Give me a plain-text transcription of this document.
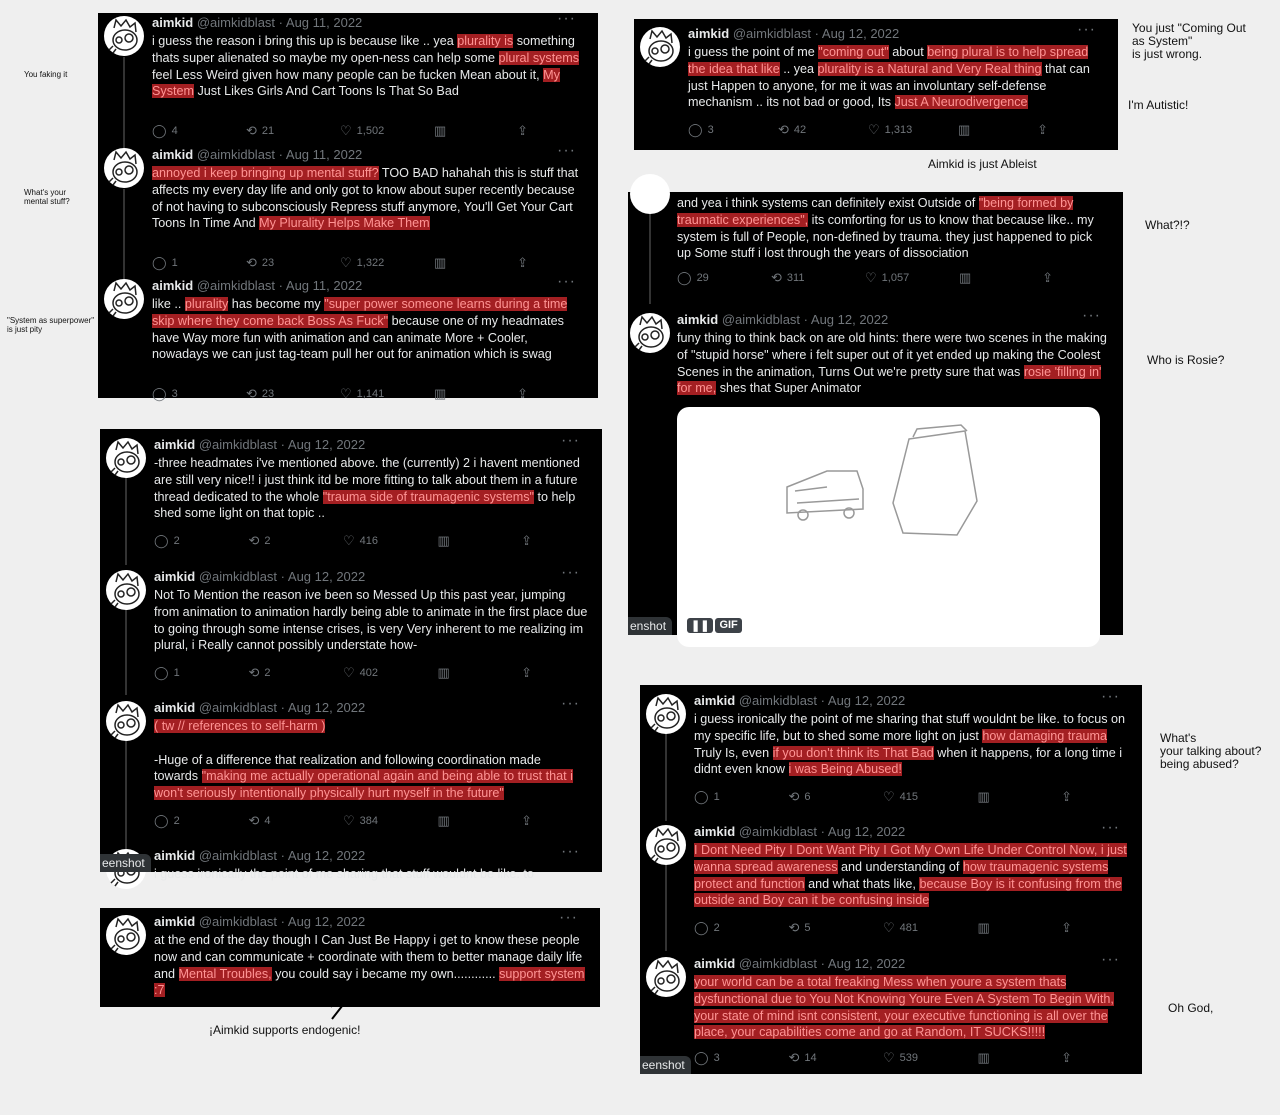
You faking it
What's your
mental stuff?
"System as superpower"
is just pity
You just "Coming Out
as System"
is just wrong.
I'm Autistic!
Aimkid is just Ableist
What?!?
Who is Rosie?
What's
your talking about?
being abused?
Oh God,
¡Aimkid supports endogenic!
aimkid @aimkidblast · Aug 11, 2022	···
i guess the reason i bring this up is because like .. yea plurality is something thats super alienated so maybe my open-ness can help some plural systems feel Less Weird given how many people can be fucken Mean about it, My System Just Likes Girls And Cart Toons Is That So Bad
◯ 4	⟲ 21	♡ 1,502	▥	⇪
aimkid @aimkidblast · Aug 11, 2022	···
annoyed i keep bringing up mental stuff? TOO BAD hahahah this is stuff that affects my every day life and only got to know about super recently because of not having to subconsciously Repress stuff anymore, You'll Get Your Cart Toons In Time And My Plurality Helps Make Them
◯ 1	⟲ 23	♡ 1,322	▥	⇪
aimkid @aimkidblast · Aug 11, 2022	···
like .. plurality has become my "super power someone learns during a time skip where they come back Boss As Fuck" because one of my headmates have Way more fun with animation and can animate More + Cooler, nowadays we can just tag-team pull her out for animation which is swag
◯ 3	⟲ 23	♡ 1,141	▥	⇪
aimkid @aimkidblast · Aug 12, 2022	···
-three headmates i've mentioned above. the (currently) 2 i havent mentioned are still very nice!! i just think itd be more fitting to talk about them in a future thread dedicated to the whole "trauma side of traumagenic systems" to help shed some light on that topic ..
◯ 2	⟲ 2	♡ 416	▥	⇪
aimkid @aimkidblast · Aug 12, 2022	···
Not To Mention the reason ive been so Messed Up this past year, jumping from animation to animation hardly being able to animate in the first place due to going through some intense crises, is very Very inherent to me realizing im plural, i Really cannot possibly understate how-
◯ 1	⟲ 2	♡ 402	▥	⇪
aimkid @aimkidblast · Aug 12, 2022	···
( tw // references to self-harm )

-Huge of a difference that realization and following coordination made towards "making me actually operational again and being able to trust that i won't seriously intentionally physically hurt myself in the future"
◯ 2	⟲ 4	♡ 384	▥	⇪
aimkid @aimkidblast · Aug 12, 2022	···
i guess ironically the point of me sharing that stuff wouldnt be like. to
eenshot
aimkid @aimkidblast · Aug 12, 2022	···
at the end of the day though I Can Just Be Happy i get to know these people now and can communicate + coordinate with them to better manage daily life and Mental Troubles, you could say i became my own............ support system :7
aimkid @aimkidblast · Aug 12, 2022	···
i guess the point of me "coming out" about being plural is to help spread the idea that like .. yea plurality is a Natural and Very Real thing that can just Happen to anyone, for me it was an involuntary self-defense mechanism .. its not bad or good, Its Just A Neurodivergence
◯ 3	⟲ 42	♡ 1,313	▥	⇪
and yea i think systems can definitely exist Outside of "being formed by traumatic experiences", its comforting for us to know that because like.. my system is full of People, non-defined by trauma. they just happened to pick up Some stuff i lost through the years of dissociation
◯ 29	⟲ 311	♡ 1,057	▥	⇪
aimkid @aimkidblast · Aug 12, 2022	···
funy thing to think back on are old hints: there were two scenes in the making of "stupid horse" where i felt super out of it yet ended up making the Coolest Scenes in the animation, Turns Out we're pretty sure that was rosie 'filling in' for me, shes that Super Animator
❚❚ GIF
enshot
aimkid @aimkidblast · Aug 12, 2022	···
i guess ironically the point of me sharing that stuff wouldnt be like. to focus on my specific life, but to shed some more light on just how damaging trauma Truly Is, even if you don't think its That Bad when it happens, for a long time i didnt even know i was Being Abused!
◯ 1	⟲ 6	♡ 415	▥	⇪
aimkid @aimkidblast · Aug 12, 2022	···
I Dont Need Pity I Dont Want Pity I Got My Own Life Under Control Now, i just wanna spread awareness and understanding of how traumagenic systems protect and function and what thats like, because Boy is it confusing from the outside and Boy can it be confusing inside
◯ 2	⟲ 5	♡ 481	▥	⇪
aimkid @aimkidblast · Aug 12, 2022	···
your world can be a total freaking Mess when youre a system thats dysfunctional due to You Not Knowing Youre Even A System To Begin With, your state of mind isnt consistent, your executive functioning is all over the place, your capabilities come and go at Random, IT SUCKS!!!!!
◯ 3	⟲ 14	♡ 539	▥	⇪
eenshot
